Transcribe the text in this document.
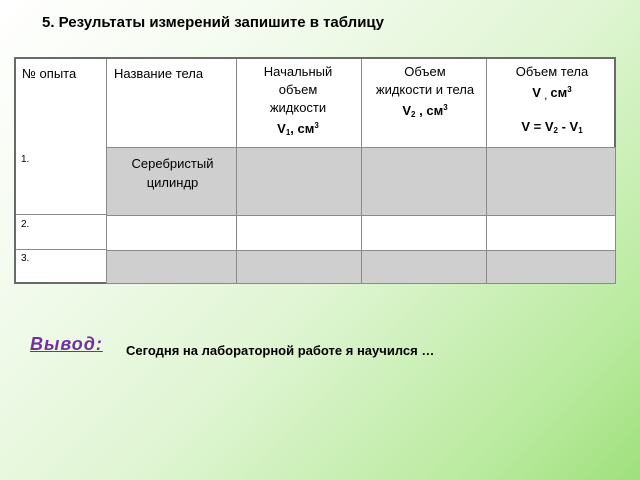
5. Результаты измерений запишите в таблицу
№ опыта	Название тела	Начальный объем жидкости
$V_1$, $см^3$
Объем жидкости и тела
$V_2$ , $см^3$
Объем тела
V $_,$ $см^3$
$V = V_2 - V_1$
1.
2.
3.
Серебристый цилиндр
Вывод: Сегодня на лабораторной работе я научился …
